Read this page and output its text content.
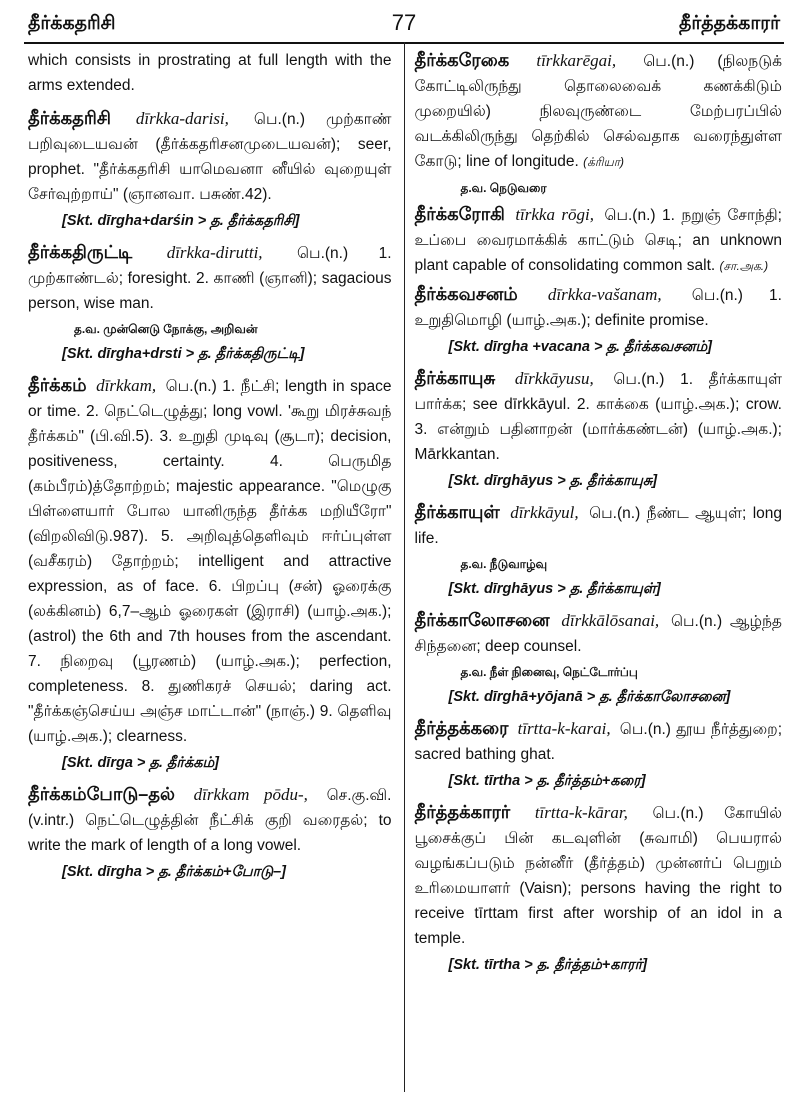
தீர்க்கதரிசி	77	தீர்த்தக்காரர்
which consists in prostrating at full length with the arms extended.
தீர்க்கதரிசி dīrkka-darisi, பெ.(n.) முற்காண் பறிவுடையவன் (தீர்க்கதரிசனமுடையவன்); seer, prophet. "தீர்க்கதரிசி யாமெவனா னீயில் வுறையுள் சேர்வுற்றாய்" (ஞானவா. பசுண்.42).
[Skt. dīrgha+darśin > த. தீர்க்கதரிசி]
தீர்க்கதிருட்டி dīrkka-dirutti, பெ.(n.) 1. முற்காண்டல்; foresight. 2. காணி (ஞானி); sagacious person, wise man.
த.வ. முன்னெடு நோக்கு, அறிவன்
[Skt. dīrgha+drsti > த. தீர்க்கதிருட்டி]
தீர்க்கம் dīrkkam, பெ.(n.) 1. நீட்சி; length in space or time. 2. நெட்டெழுத்து; long vowl. 'கூறு மிரச்சுவந் தீர்க்கம்" (பி.வி.5). 3. உறுதி முடிவு (சூடா); decision, positiveness, certainty. 4. பெருமித (கம்பீரம்)த்தோற்றம்; majestic appearance. "மெழுகு பிள்ளையார் போல யானிருந்த தீர்க்க மறியீரோ" (விறலிவிடு.987). 5. அறிவுத்தெளிவும் ஈர்ப்புள்ள (வசீகரம்) தோற்றம்; intelligent and attractive expression, as of face. 6. பிறப்பு (சன்) ஓரைக்கு (லக்கினம்) 6,7–ஆம் ஓரைகள் (இராசி) (யாழ்.அக.); (astrol) the 6th and 7th houses from the ascendant. 7. நிறைவு (பூரணம்) (யாழ்.அக.); perfection, completeness. 8. துணிகரச் செயல்; daring act. "தீர்க்கஞ்செய்ய அஞ்ச மாட்டான்" (நாஞ்.) 9. தெளிவு (யாழ்.அக.); clearness.
[Skt. dīrga > த. தீர்க்கம்]
தீர்க்கம்போடு–தல் dīrkkam pōdu-, செ.கு.வி. (v.intr.) நெட்டெழுத்தின் நீட்சிக் குறி வரைதல்; to write the mark of length of a long vowel.
[Skt. dīrgha > த. தீர்க்கம்+போடு–]
தீர்க்கரேகை tīrkkarēgai, பெ.(n.) (நிலநடுக் கோட்டிலிருந்து தொலைவைக் கணக்கிடும் முறையில்) நிலவுருண்டை மேற்பரப்பில் வடக்கிலிருந்து தெற்கில் செல்வதாக வரைந்துள்ள கோடு; line of longitude. (க்ரியா)
த.வ. நெடுவரை
தீர்க்கரோகி tīrkka rōgi, பெ.(n.) 1. நறுஞ் சோந்தி; உப்பை வைரமாக்கிக் காட்டும் செடி; an unknown plant capable of consolidating common salt. (சா.அக.)
தீர்க்கவசனம் dīrkka-vašanam, பெ.(n.) 1. உறுதிமொழி (யாழ்.அக.); definite promise.
[Skt. dīrgha +vacana > த. தீர்க்கவசனம்]
தீர்க்காயுசு dīrkkāyusu, பெ.(n.) 1. தீர்க்காயுள் பார்க்க; see dīrkkāyul. 2. காக்கை (யாழ்.அக.); crow. 3. என்றும் பதினாறன் (மார்க்கண்டன்) (யாழ்.அக.); Mārkkantan.
[Skt. dīrghāyus > த. தீர்க்காயுசு]
தீர்க்காயுள் dīrkkāyul, பெ.(n.) நீண்ட ஆயுள்; long life.
த.வ. நீடுவாழ்வு
[Skt. dīrghāyus > த. தீர்க்காயுள்]
தீர்க்காலோசனை dīrkkālōsanai, பெ.(n.) ஆழ்ந்த சிந்தனை; deep counsel.
த.வ. நீள் நினைவு, நெட்டோர்ப்பு
[Skt. dīrghā+yōjanā > த. தீர்க்காலோசனை]
தீர்த்தக்கரை tīrtta-k-karai, பெ.(n.) தூய நீர்த்துறை; sacred bathing ghat.
[Skt. tīrtha > த. தீர்த்தம்+கரை]
தீர்த்தக்காரர் tīrtta-k-kārar, பெ.(n.) கோயில் பூசைக்குப் பின் கடவுளின் (சுவாமி) பெயரால் வழங்கப்படும் நன்னீர் (தீர்த்தம்) முன்னர்ப் பெறும் உரிமையாளர் (Vaisn); persons having the right to receive tīrttam first after worship of an idol in a temple.
[Skt. tīrtha > த. தீர்த்தம்+காரர்]
